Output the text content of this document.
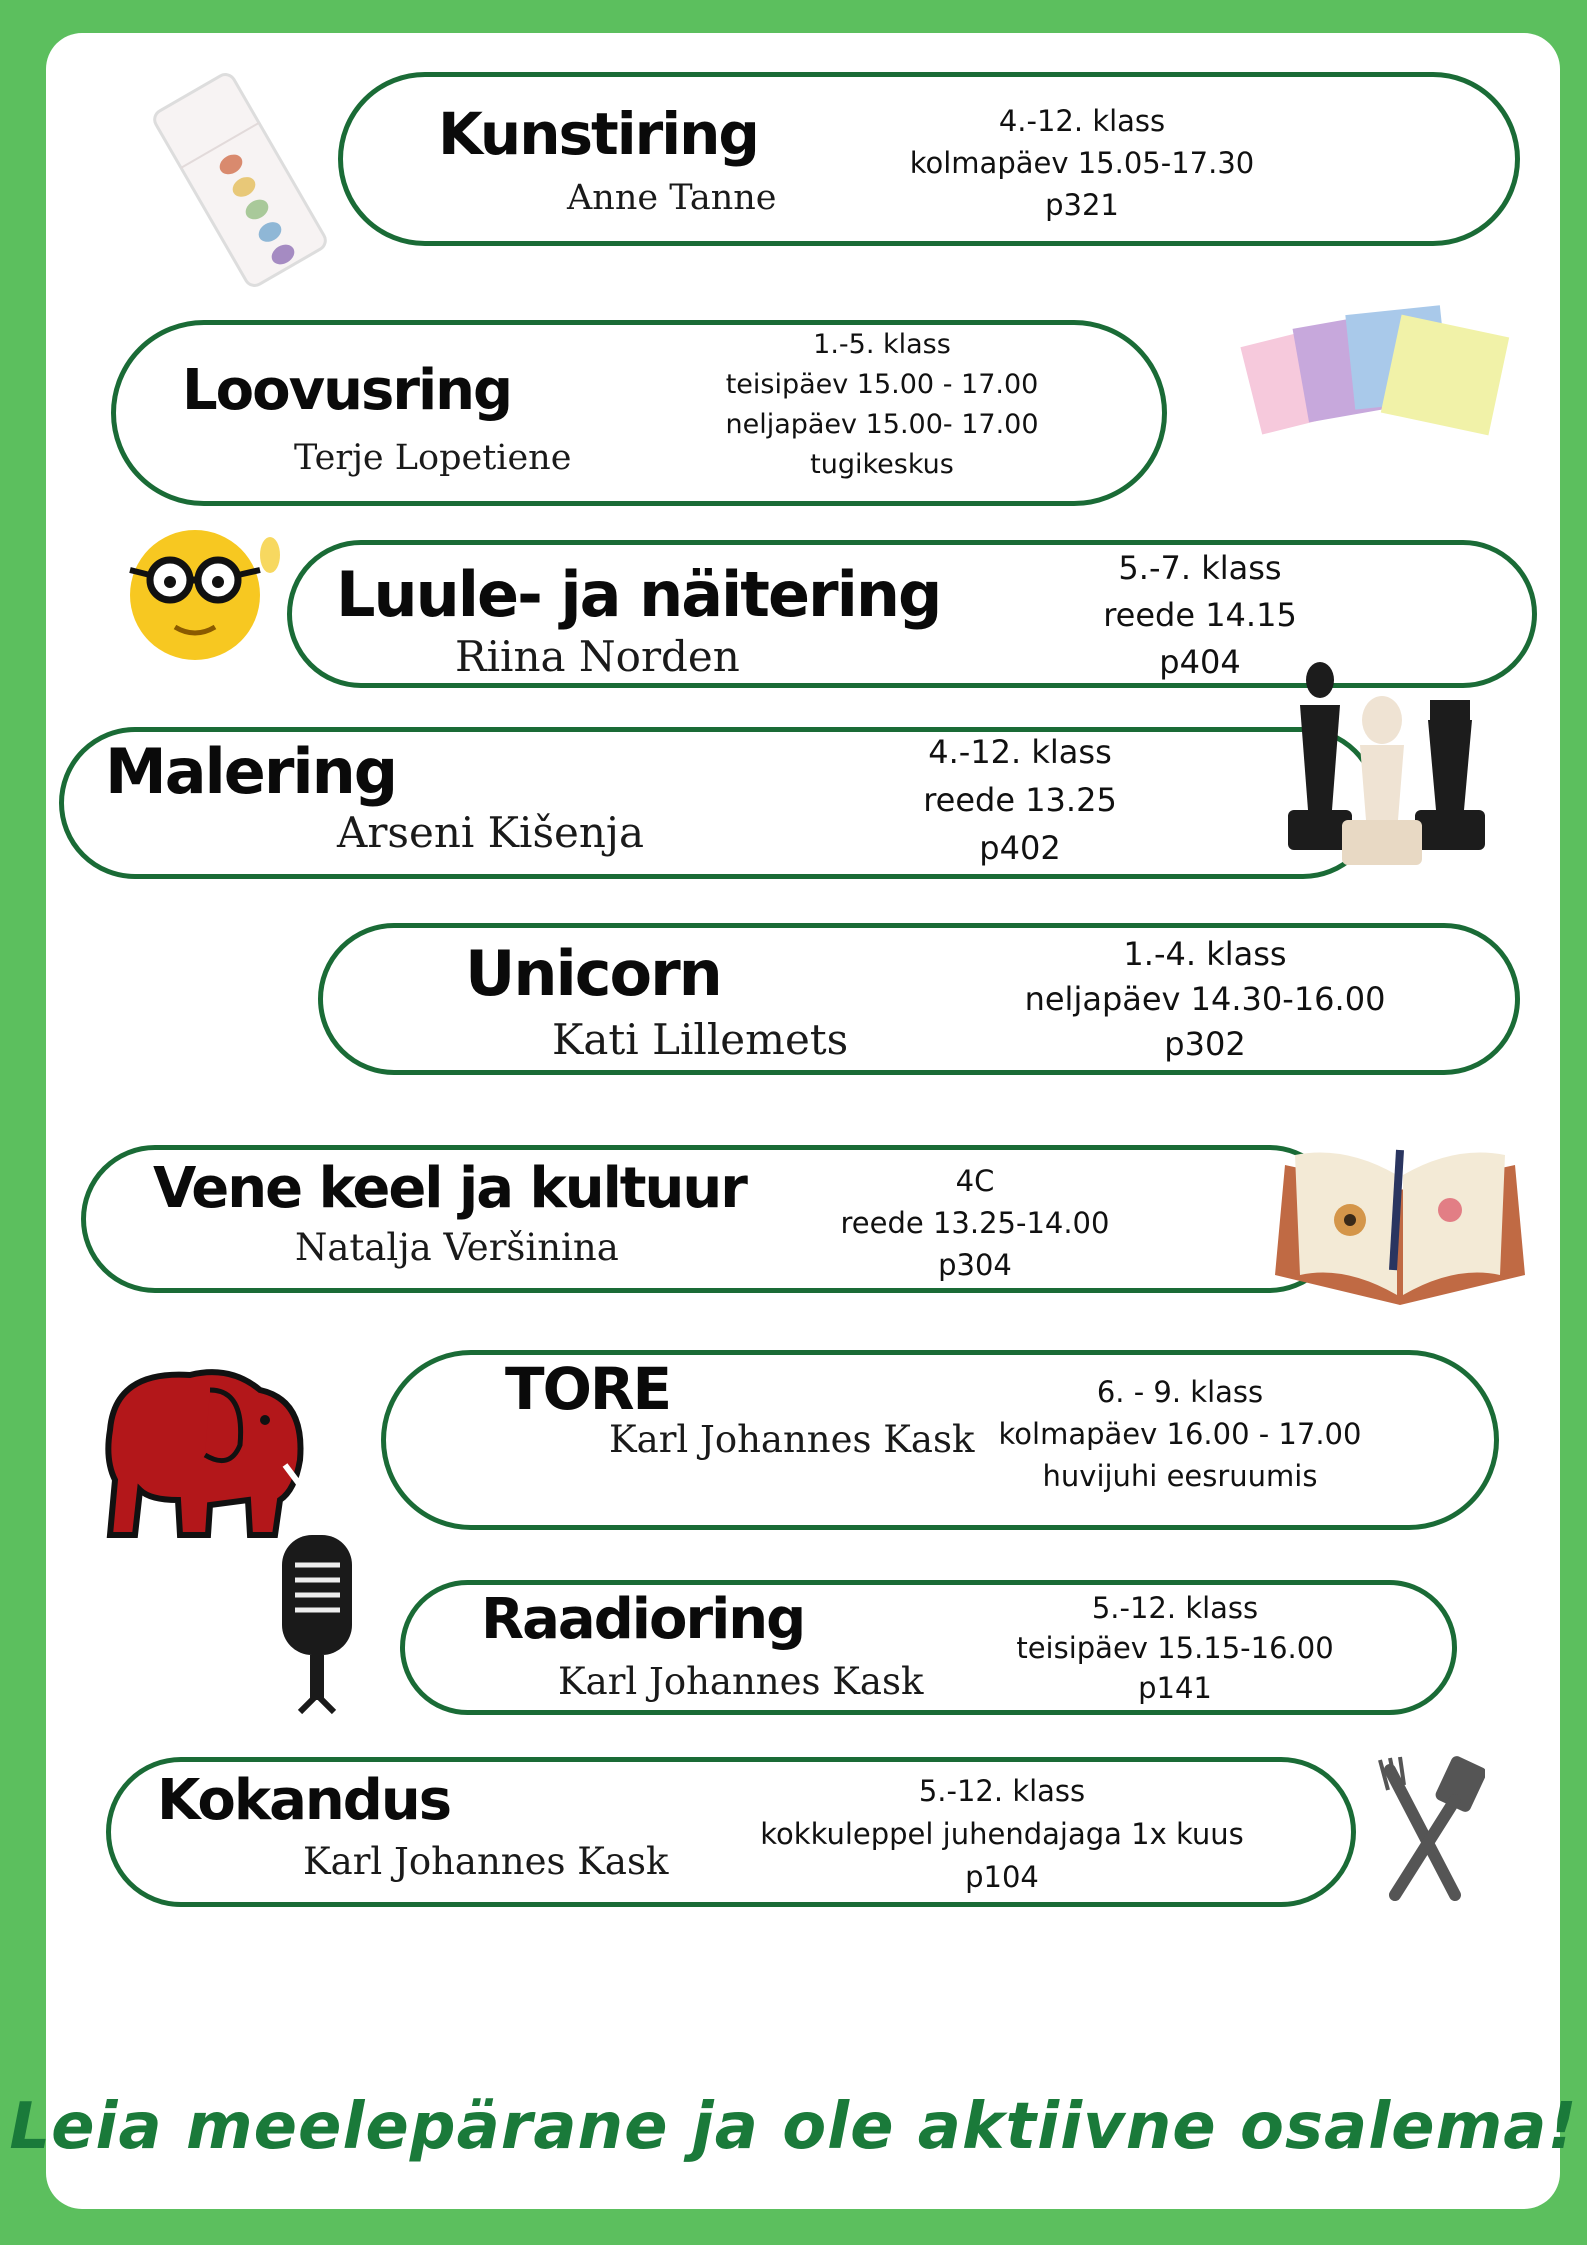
Kunstiring
Anne Tanne
4.-12. klass
kolmapäev 15.05-17.30
p321
Loovusring
Terje Lopetiene
1.-5. klass
teisipäev 15.00 - 17.00
neljapäev 15.00- 17.00
tugikeskus
Luule- ja näitering
Riina Norden
5.-7. klass
reede 14.15
p404
Malering
Arseni Kišenja
4.-12. klass
reede 13.25
p402
Unicorn
Kati Lillemets
1.-4. klass
neljapäev 14.30-16.00
p302
Vene keel ja kultuur
Natalja Veršinina
4C
reede 13.25-14.00
p304
TORE
Karl Johannes Kask
6. - 9. klass
kolmapäev 16.00 - 17.00
huvijuhi eesruumis
Raadioring
Karl Johannes Kask
5.-12. klass
teisipäev 15.15-16.00
p141
Kokandus
Karl Johannes Kask
5.-12. klass
kokkuleppel juhendajaga 1x kuus
p104
Leia meelepärane ja ole aktiivne osalema!
